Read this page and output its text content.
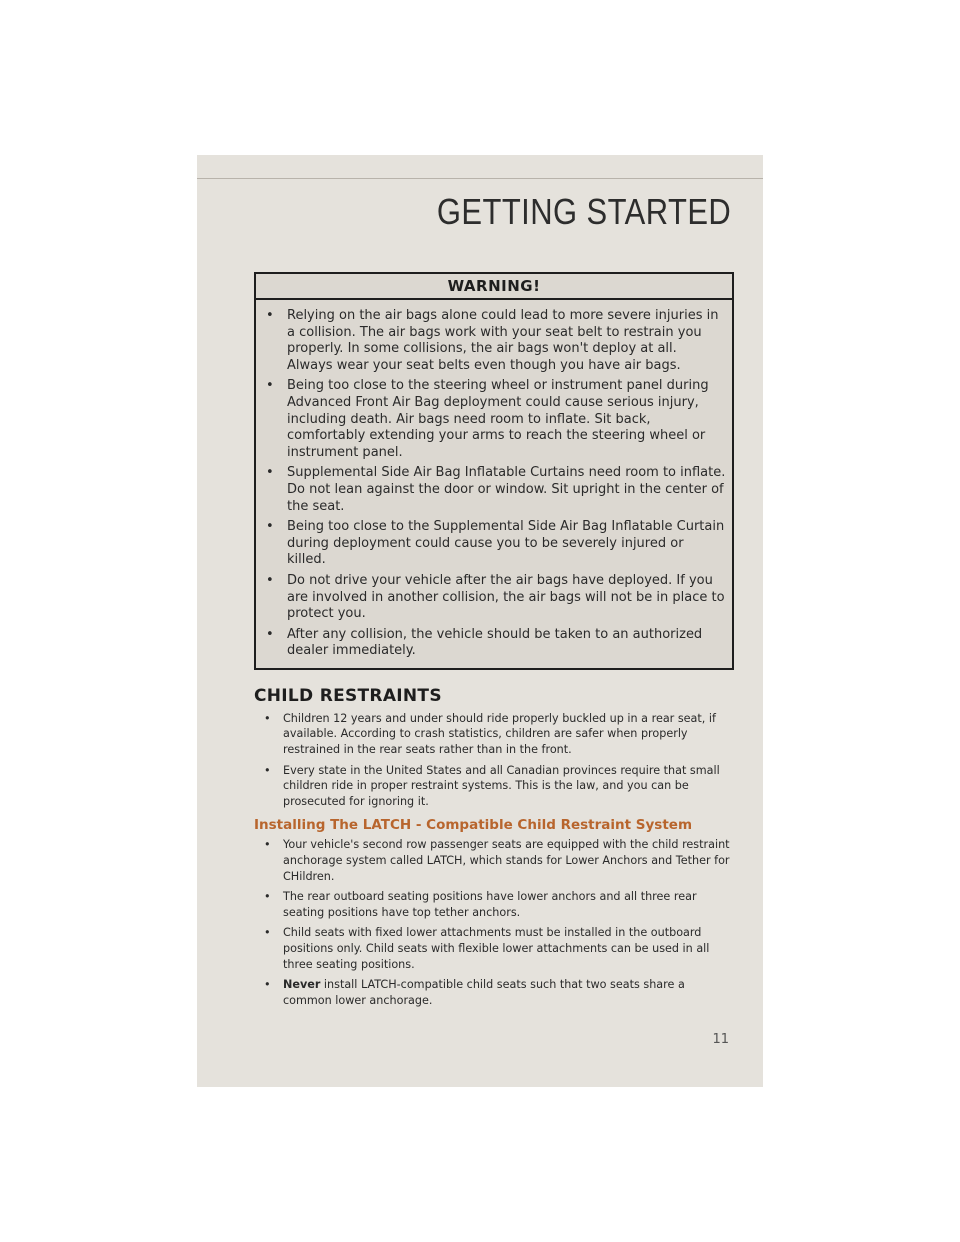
GETTING STARTED
WARNING!
• Relying on the air bags alone could lead to more severe injuries in a collision. The air bags work with your seat belt to restrain you properly. In some collisions, the air bags won't deploy at all. Always wear your seat belts even though you have air bags.
• Being too close to the steering wheel or instrument panel during Advanced Front Air Bag deployment could cause serious injury, including death. Air bags need room to inflate. Sit back, comfortably extending your arms to reach the steering wheel or instrument panel.
• Supplemental Side Air Bag Inflatable Curtains need room to inflate. Do not lean against the door or window. Sit upright in the center of the seat.
• Being too close to the Supplemental Side Air Bag Inflatable Curtain during deployment could cause you to be severely injured or killed.
• Do not drive your vehicle after the air bags have deployed. If you are involved in another collision, the air bags will not be in place to protect you.
• After any collision, the vehicle should be taken to an authorized dealer immediately.
CHILD RESTRAINTS
• Children 12 years and under should ride properly buckled up in a rear seat, if available. According to crash statistics, children are safer when properly restrained in the rear seats rather than in the front.
• Every state in the United States and all Canadian provinces require that small children ride in proper restraint systems. This is the law, and you can be prosecuted for ignoring it.
Installing The LATCH - Compatible Child Restraint System
• Your vehicle's second row passenger seats are equipped with the child restraint anchorage system called LATCH, which stands for Lower Anchors and Tether for CHildren.
• The rear outboard seating positions have lower anchors and all three rear seating positions have top tether anchors.
• Child seats with fixed lower attachments must be installed in the outboard positions only. Child seats with flexible lower attachments can be used in all three seating positions.
• Never install LATCH-compatible child seats such that two seats share a common lower anchorage.
11
